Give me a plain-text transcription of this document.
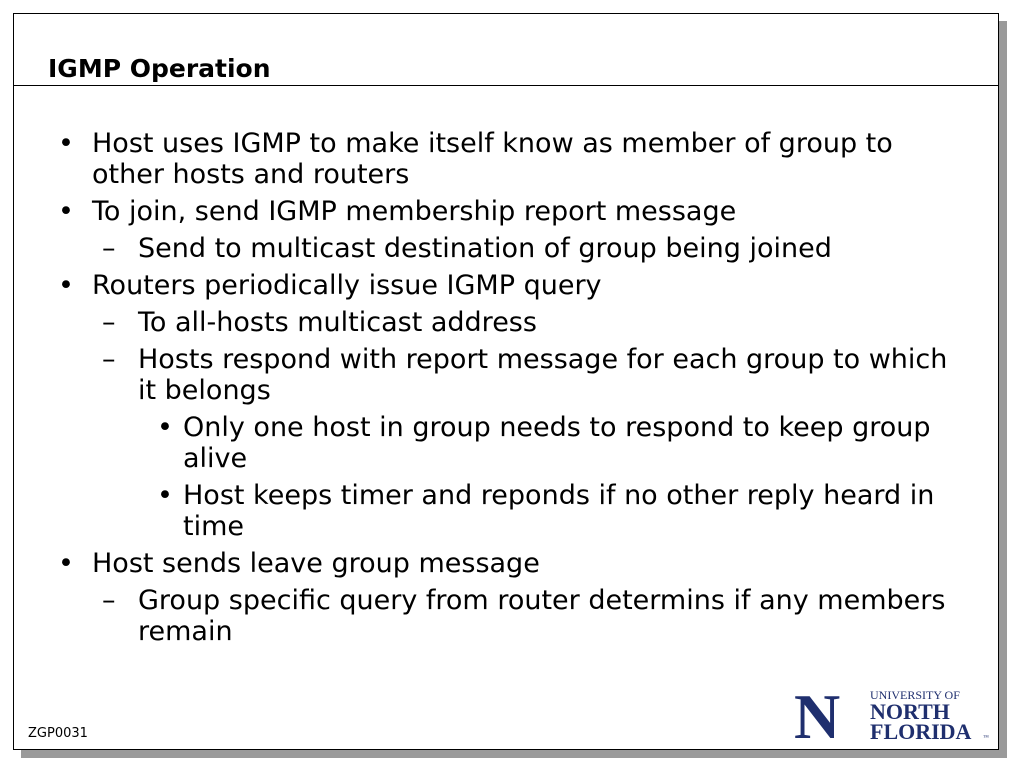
IGMP Operation
• Host uses IGMP to make itself know as member of group to other hosts and routers
• To join, send IGMP membership report message
– Send to multicast destination of group being joined
• Routers periodically issue IGMP query
– To all-hosts multicast address
– Hosts respond with report message for each group to which it belongs
• Only one host in group needs to respond to keep group alive
• Host keeps timer and reponds if no other reply heard in time
• Host sends leave group message
– Group specific query from router determins if any members remain
ZGP0031	N UNIVERSITY OF
NORTH
FLORIDA ™
